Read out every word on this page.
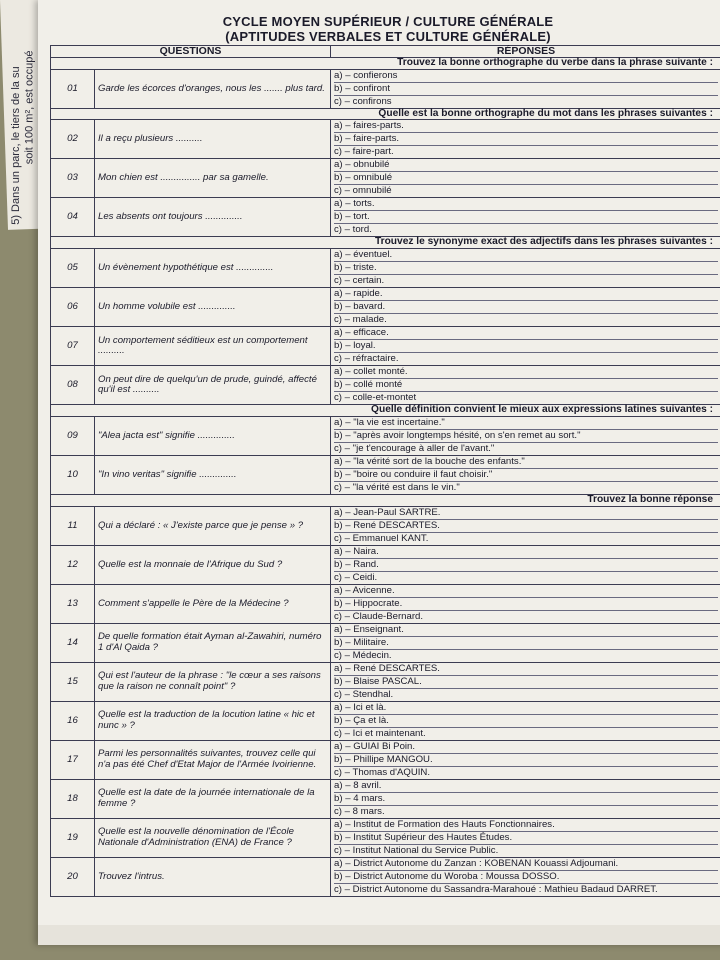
5) Dans un parc, le tiers de la su soit 100 m², est occupé
CYCLE MOYEN SUPÉRIEUR / CULTURE GÉNÉRALE
(APTITUDES VERBALES ET CULTURE GÉNÉRALE)
QUESTIONS		RÉPONSES
Trouvez la bonne orthographe du verbe dans la phrase suivante :		
01	Garde les écorces d'oranges, nous les ....... plus tard.	a) – confierons
b) – confiront
c) – confirons

Quelle est la bonne orthographe du mot dans les phrases suivantes :		
02	Il a reçu plusieurs ..........	a) – faires-parts.
b) – faire-parts.
c) – faire-part.

03	Mon chien est ............... par sa gamelle.	a) – obnubilé
b) – omnibulé
c) – omnubilé

04	Les absents ont toujours ..............	a) – torts.
b) – tort.
c) – tord.

Trouvez le synonyme exact des adjectifs dans les phrases suivantes :		
05	Un évènement hypothétique est ..............	a) – éventuel.
b) – triste.
c) – certain.

06	Un homme volubile est ..............	a) – rapide.
b) – bavard.
c) – malade.

07	Un comportement séditieux est un comportement ..........	a) – efficace.
b) – loyal.
c) – réfractaire.

08	On peut dire de quelqu'un de prude, guindé, affecté qu'il est ..........	a) – collet monté.
b) – collé monté
c) – colle-et-montet

Quelle définition convient le mieux aux expressions latines suivantes :		
09	"Alea jacta est" signifie ..............	a) – "la vie est incertaine."
b) – "après avoir longtemps hésité, on s'en remet au sort."
c) – "je t'encourage à aller de l'avant."

10	"In vino veritas" signifie ..............	a) – "la vérité sort de la bouche des enfants."
b) – "boire ou conduire il faut choisir."
c) – "la vérité est dans le vin."

Trouvez la bonne réponse		
11	Qui a déclaré : « J'existe parce que je pense » ?	a) – Jean-Paul SARTRE.
b) – René DESCARTES.
c) – Emmanuel KANT.

12	Quelle est la monnaie de l'Afrique du Sud ?	a) – Naira.
b) – Rand.
c) – Ceidi.

13	Comment s'appelle le Père de la Médecine ?	a) – Avicenne.
b) – Hippocrate.
c) – Claude-Bernard.

14	De quelle formation était Ayman al-Zawahiri, numéro 1 d'Al Qaida ?	a) – Enseignant.
b) – Militaire.
c) – Médecin.

15	Qui est l'auteur de la phrase : "le cœur a ses raisons que la raison ne connaît point" ?	a) – René DESCARTES.
b) – Blaise PASCAL.
c) – Stendhal.

16	Quelle est la traduction de la locution latine « hic et nunc » ?	a) – Ici et là.
b) – Ça et là.
c) – Ici et maintenant.

17	Parmi les personnalités suivantes, trouvez celle qui n'a pas été Chef d'Etat Major de l'Armée Ivoirienne.	a) – GUIAI Bi Poin.
b) – Phillipe MANGOU.
c) – Thomas d'AQUIN.

18	Quelle est la date de la journée internationale de la femme ?	a) – 8 avril.
b) – 4 mars.
c) – 8 mars.

19	Quelle est la nouvelle dénomination de l'École Nationale d'Administration (ENA) de France ?	a) – Institut de Formation des Hauts Fonctionnaires.
b) – Institut Supérieur des Hautes Études.
c) – Institut National du Service Public.

20	Trouvez l'intrus.	a) – District Autonome du Zanzan : KOBENAN Kouassi Adjoumani.
b) – District Autonome du Woroba : Moussa DOSSO.
c) – District Autonome du Sassandra-Marahoué : Mathieu Badaud DARRET.
